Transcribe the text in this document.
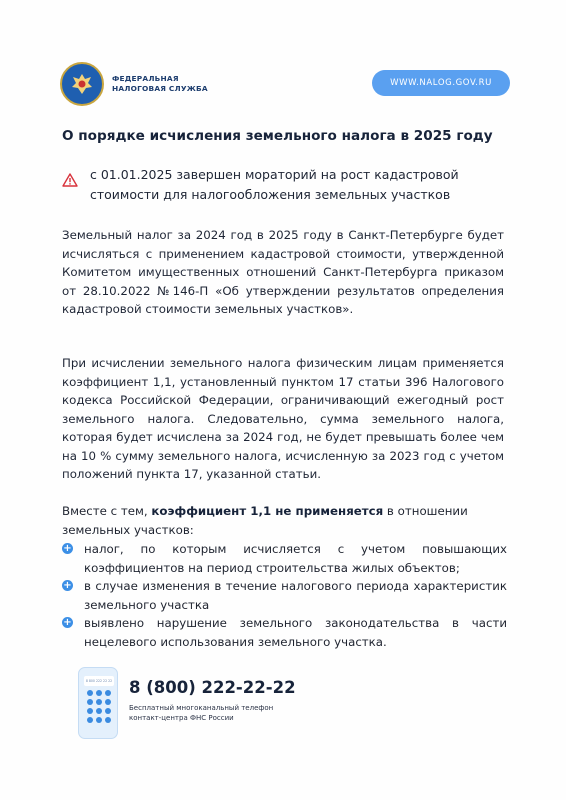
ФЕДЕРАЛЬНАЯ
НАЛОГОВАЯ СЛУЖБА
WWW.NALOG.GOV.RU
О порядке исчисления земельного налога в 2025 году
с 01.01.2025 завершен мораторий на рост кадастровой стоимости для налогообложения земельных участков
Земельный налог за 2024 год в 2025 году в Санкт-Петербурге будет исчисляться с применением кадастровой стоимости, утвержденной Комитетом имущественных отношений Санкт-Петербурга приказом от 28.10.2022 №146-П «Об утверждении результатов определения кадастровой стоимости земельных участков».
При исчислении земельного налога физическим лицам применяется коэффициент 1,1, установленный пунктом 17 статьи 396 Налогового кодекса Российской Федерации, ограничивающий ежегодный рост земельного налога. Следовательно, сумма земельного налога, которая будет исчислена за 2024 год, не будет превышать более чем на 10 % сумму земельного налога, исчисленную за 2023 год с учетом положений пункта 17, указанной статьи.
Вместе с тем, коэффициент 1,1 не применяется в отношении земельных участков:
+ налог, по которым исчисляется с учетом повышающих коэффициентов на период строительства жилых объектов;
+ в случае изменения в течение налогового периода характеристик земельного участка
+ выявлено нарушение земельного законодательства в части нецелевого использования земельного участка.
8 800 222 22 22 8 (800) 222-22-22
Бесплатный многоканальный телефон
контакт-центра ФНС России
